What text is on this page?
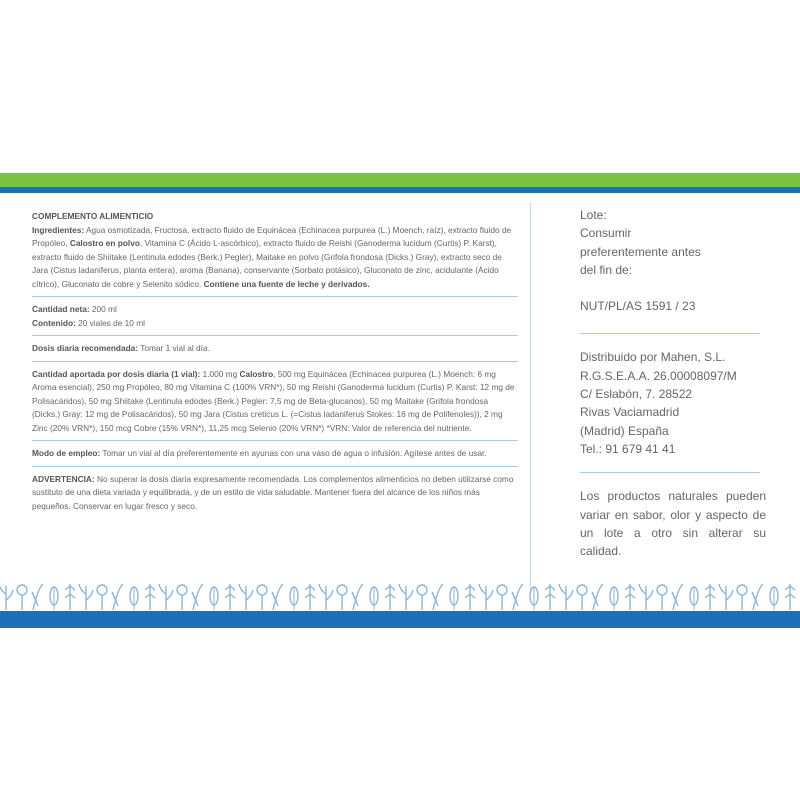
COMPLEMENTO ALIMENTICIO

Ingredientes: Agua osmotizada, Fructosa, extracto fluido de Equinácea (Echinacea purpurea (L.) Moench, raíz), extracto fluido de Propóleo, Calostro en polvo, Vitamina C (Ácido L-ascórbico), extracto fluido de Reishi (Ganoderma lucidum (Curtis) P. Karst), extracto fluido de Shiitake (Lentinula edodes (Berk.) Pegler), Maitake en polvo (Grifola frondosa (Dicks.) Gray), extracto seco de Jara (Cistus ladaniferus, planta entera), aroma (Banana), conservante (Sorbato potásico), Gluconato de zinc, acidulante (Ácido cítrico), Gluconato de cobre y Selenito sódico. Contiene una fuente de leche y derivados.

Cantidad neta: 200 ml

Contenido: 20 viales de 10 ml

Dosis diaria recomendada: Tomar 1 vial al día.

Cantidad aportada por dosis diaria (1 vial): 1.000 mg Calostro, 500 mg Equinácea (Echinacea purpurea (L.) Moench: 6 mg Aroma esencial), 250 mg Propóleo, 80 mg Vitamina C (100% VRN*), 50 mg Reishi (Ganoderma lucidum (Curtis) P. Karst: 12 mg de Polisacáridos), 50 mg Shiitake (Lentinula edodes (Berk.) Pegler: 7,5 mg de Beta-glucanos), 50 mg Maitake (Grifola frondosa (Dicks.) Gray: 12 mg de Polisacáridos), 50 mg Jara (Cistus creticus L. (=Cistus ladaniferus Stokes: 16 mg de Polifenoles)), 2 mg Zinc (20% VRN*), 150 mcg Cobre (15% VRN*), 11,25 mcg Selenio (20% VRN*) *VRN: Valor de referencia del nutriente.

Modo de empleo: Tomar un vial al día preferentemente en ayunas con una vaso de agua o infusión. Agítese antes de usar.

ADVERTENCIA: No superar la dosis diaria expresamente recomendada. Los complementos alimenticios no deben utilizarse como sustituto de una dieta variada y equilibrada, y de un estilo de vida saludable. Mantener fuera del alcance de los niños más pequeños. Conservar en lugar fresco y seco.

Lote:

Consumir

preferentemente antes

del fin de:

NUT/PL/AS 1591 / 23

Distribuido por Mahen, S.L.

R.G.S.E.A.A. 26.00008097/M

C/ Eslabón, 7. 28522

Rivas Vaciamadrid

(Madrid) España

Tel.: 91 679 41 41

Los productos naturales pueden variar en sabor, olor y aspecto de un lote a otro sin alterar su calidad.
